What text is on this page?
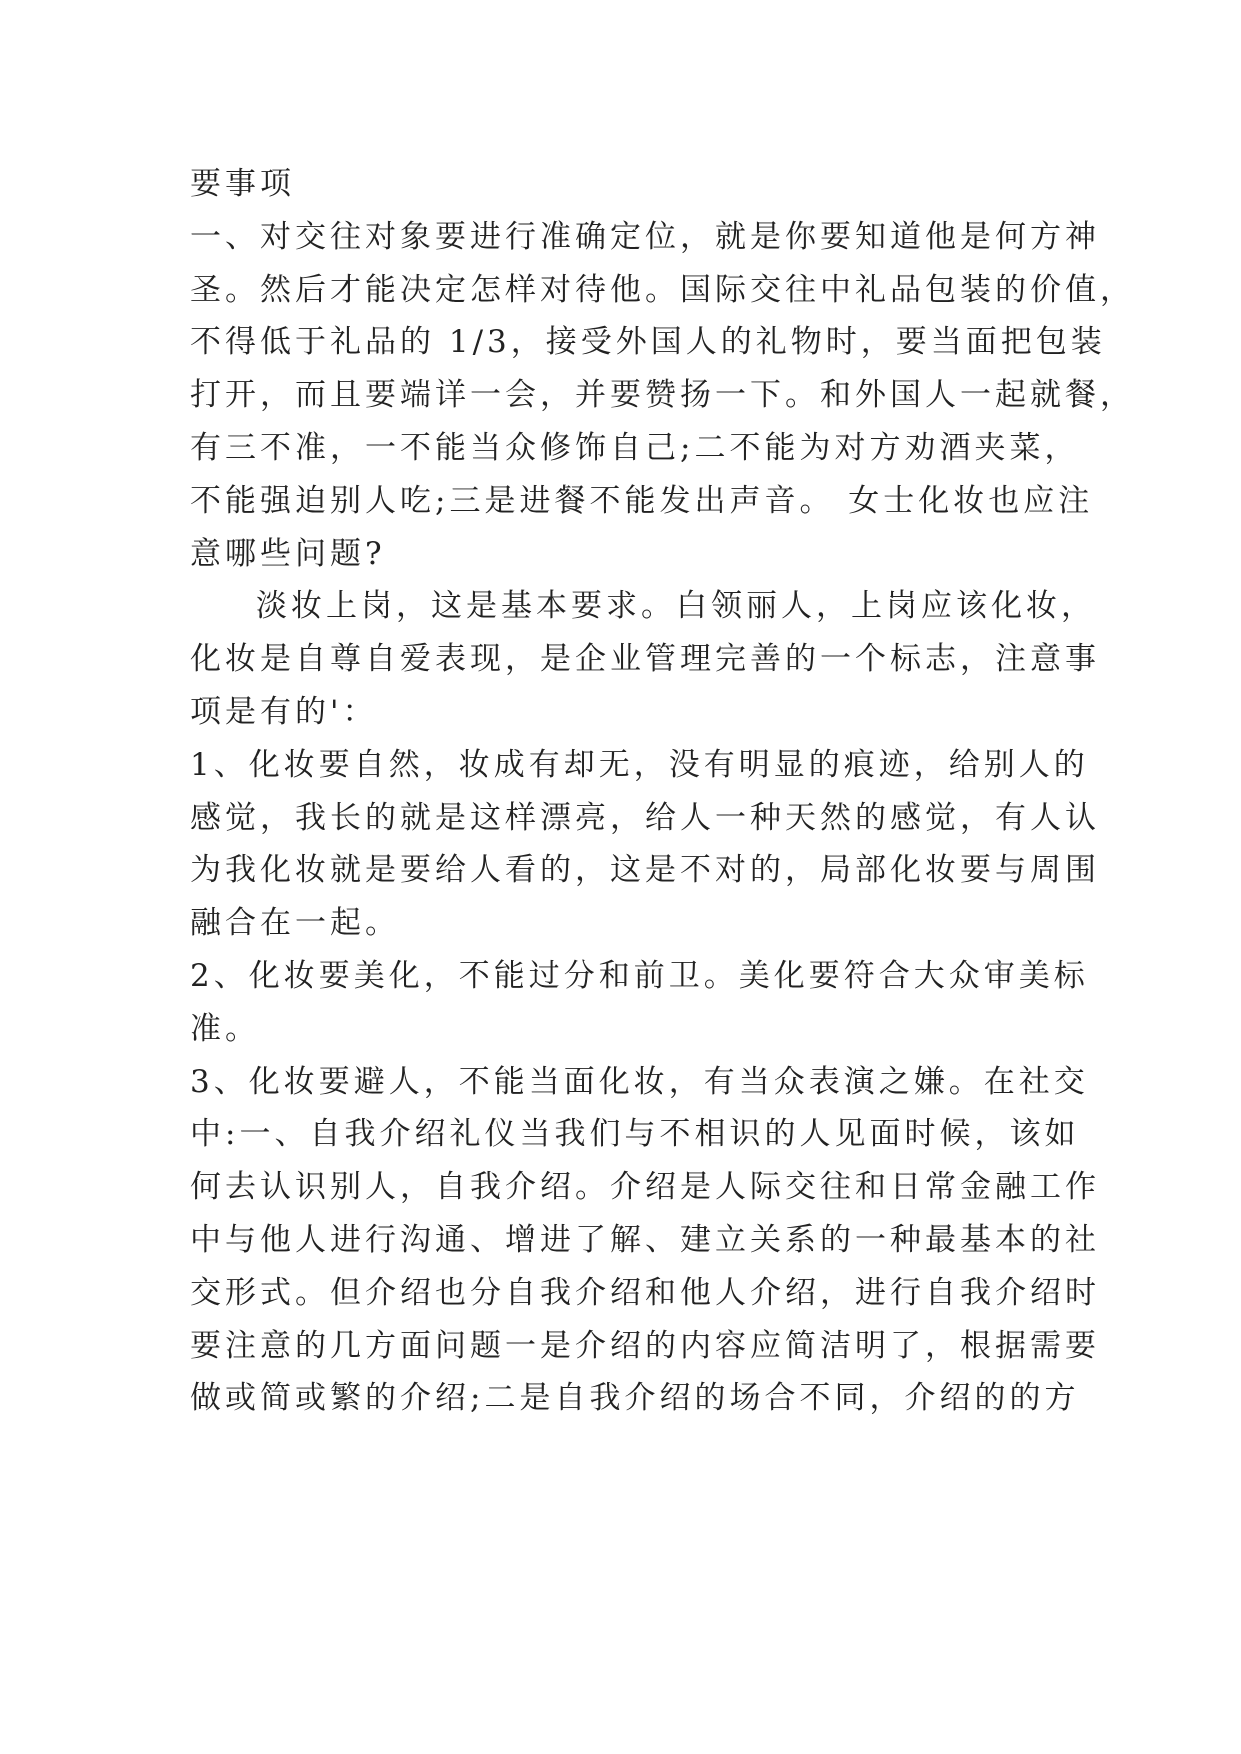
要事项
一、对交往对象要进行准确定位，就是你要知道他是何方神
圣。然后才能决定怎样对待他。国际交往中礼品包装的价值，
不得低于礼品的 1/3，接受外国人的礼物时，要当面把包装
打开，而且要端详一会，并要赞扬一下。和外国人一起就餐，
有三不准，一不能当众修饰自己;二不能为对方劝酒夹菜，
不能强迫别人吃;三是进餐不能发出声音。 女士化妆也应注
意哪些问题?
淡妆上岗，这是基本要求。白领丽人，上岗应该化妆，
化妆是自尊自爱表现，是企业管理完善的一个标志，注意事
项是有的'：
1、化妆要自然，妆成有却无，没有明显的痕迹，给别人的
感觉，我长的就是这样漂亮，给人一种天然的感觉，有人认
为我化妆就是要给人看的，这是不对的，局部化妆要与周围
融合在一起。
2、化妆要美化，不能过分和前卫。美化要符合大众审美标
准。
3、化妆要避人，不能当面化妆，有当众表演之嫌。在社交
中:一、自我介绍礼仪当我们与不相识的人见面时候，该如
何去认识别人，自我介绍。介绍是人际交往和日常金融工作
中与他人进行沟通、增进了解、建立关系的一种最基本的社
交形式。但介绍也分自我介绍和他人介绍，进行自我介绍时
要注意的几方面问题一是介绍的内容应简洁明了，根据需要
做或简或繁的介绍;二是自我介绍的场合不同，介绍的的方
